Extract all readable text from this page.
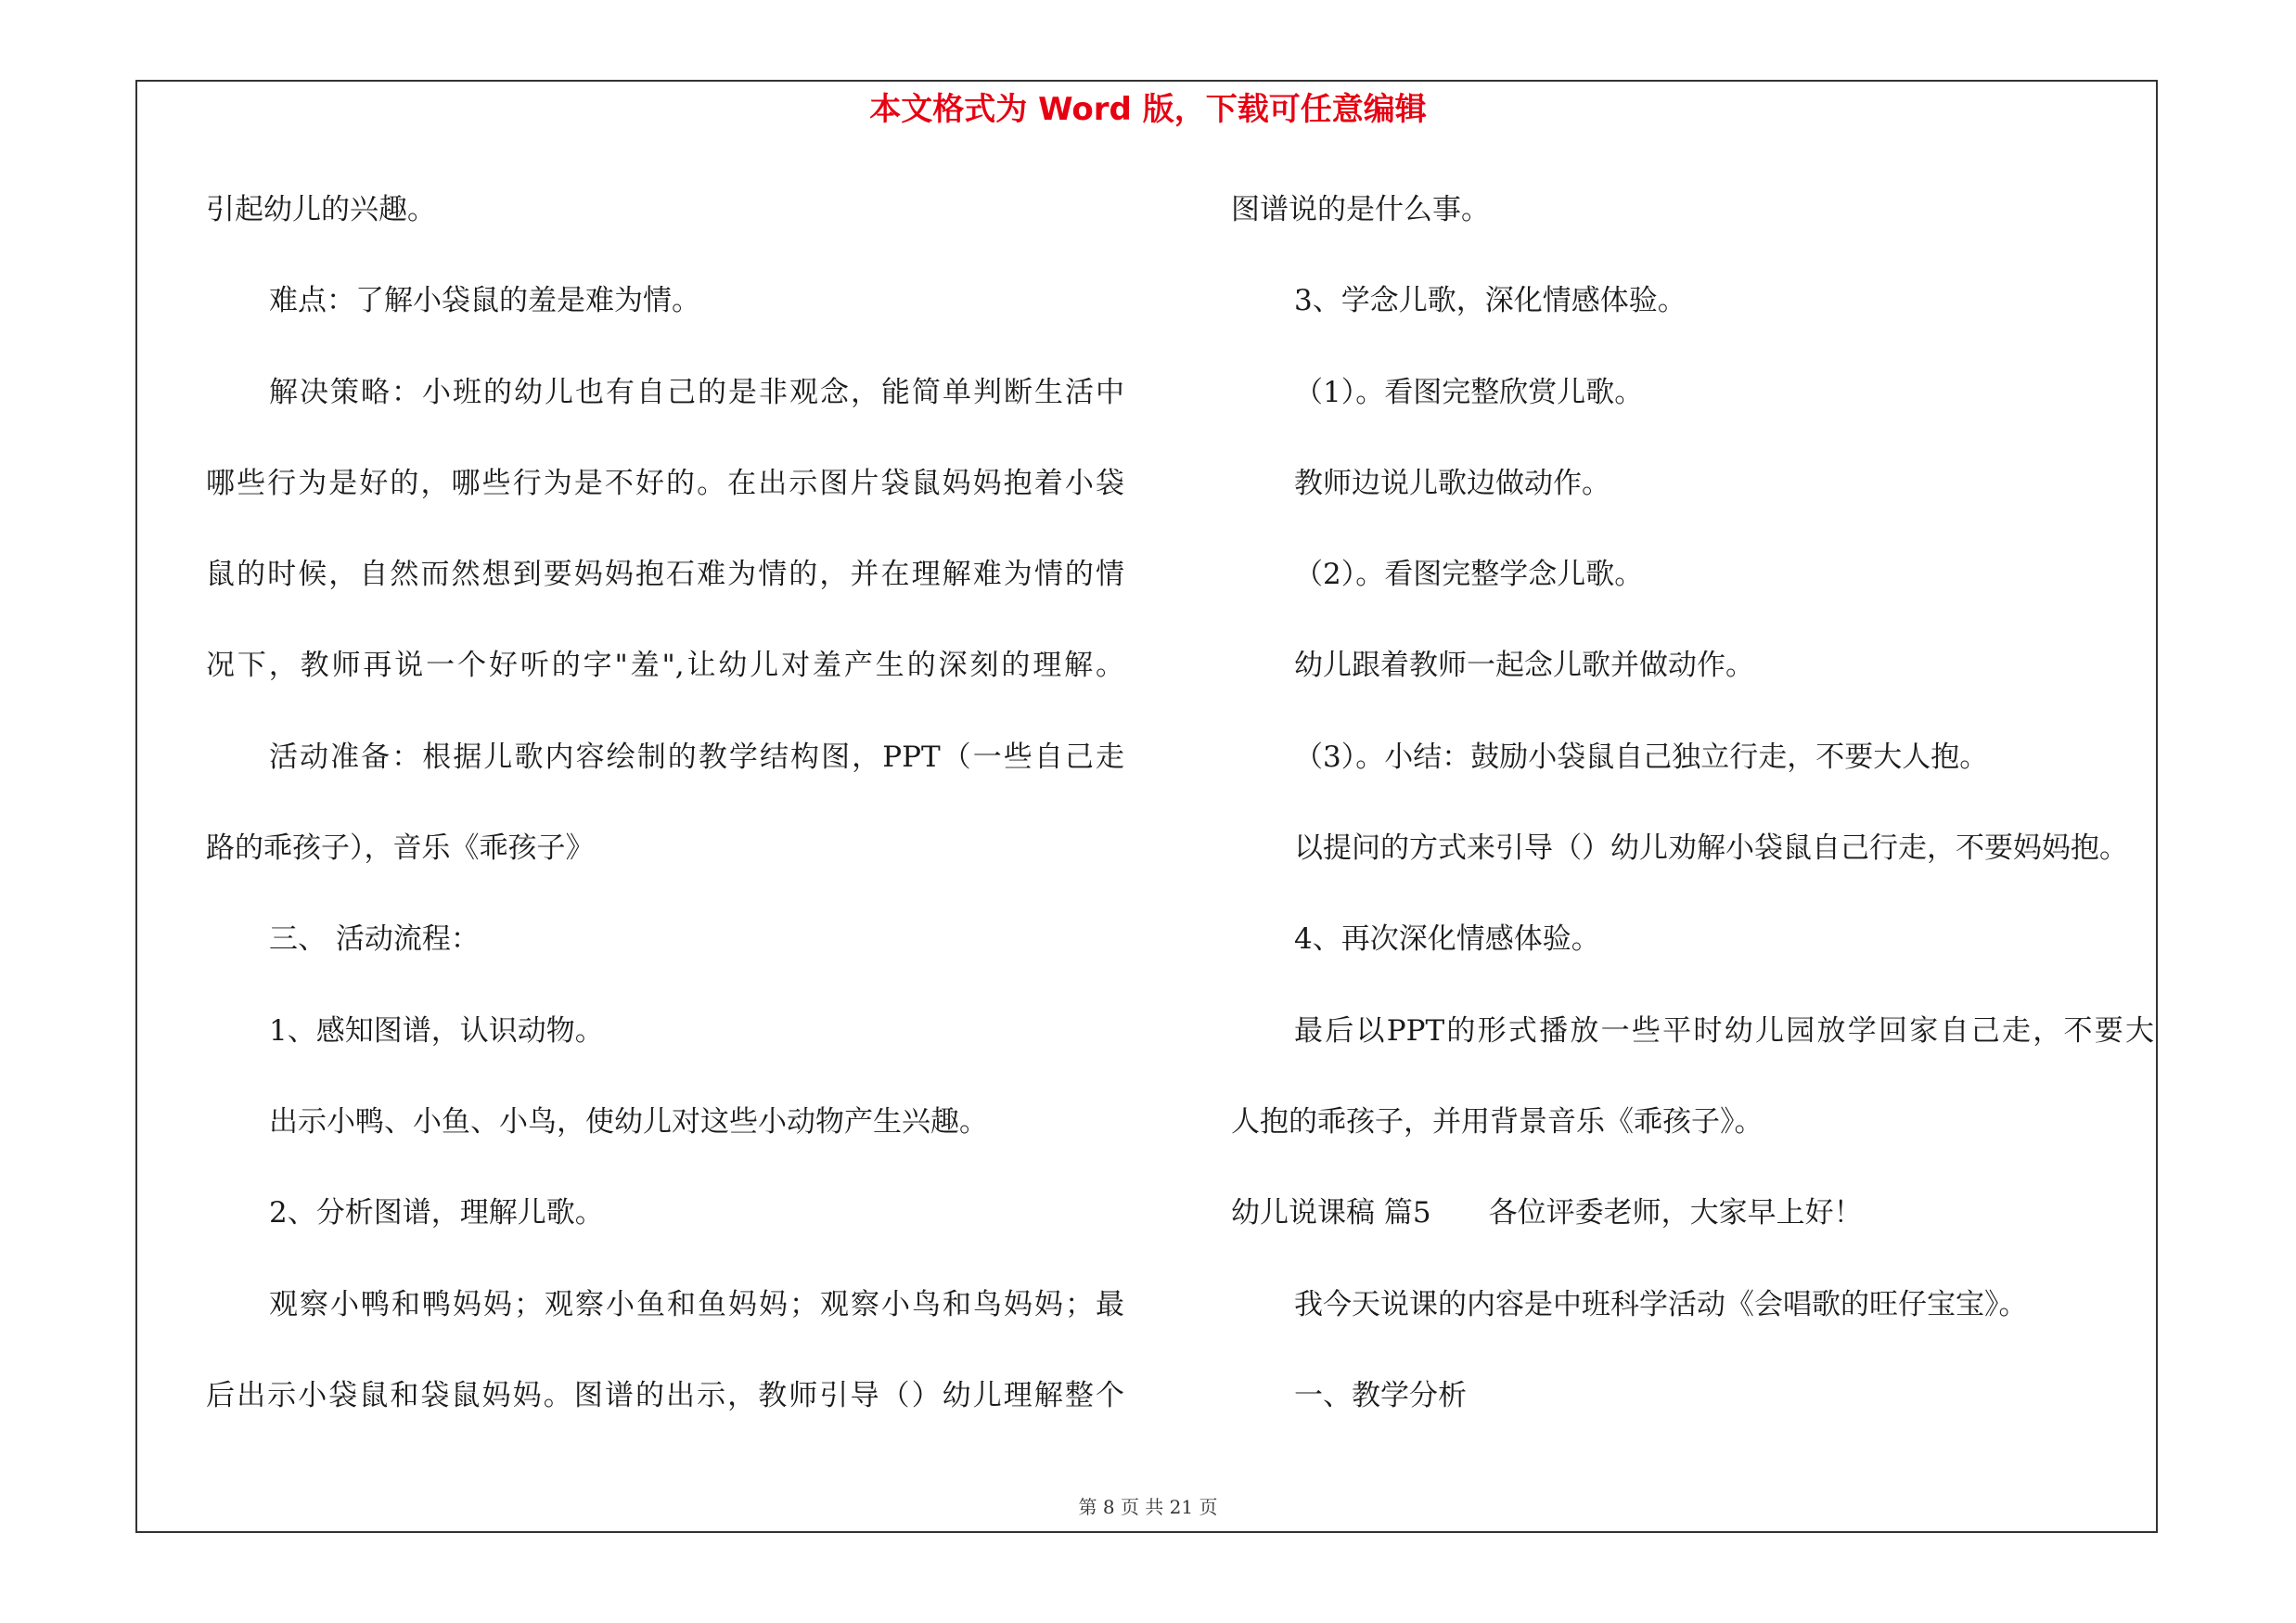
本文格式为 Word 版，下载可任意编辑
引起幼儿的兴趣。
难点：了解小袋鼠的羞是难为情。
解决策略：小班的幼儿也有自己的是非观念，能简单判断生活中
哪些行为是好的，哪些行为是不好的。在出示图片袋鼠妈妈抱着小袋
鼠的时候，自然而然想到要妈妈抱石难为情的，并在理解难为情的情
况下，教师再说一个好听的字"羞",让幼儿对羞产生的深刻的理解。
活动准备：根据儿歌内容绘制的教学结构图，PPT（一些自己走
路的乖孩子），音乐《乖孩子》
三、 活动流程：
1、感知图谱，认识动物。
出示小鸭、小鱼、小鸟，使幼儿对这些小动物产生兴趣。
2、分析图谱，理解儿歌。
观察小鸭和鸭妈妈；观察小鱼和鱼妈妈；观察小鸟和鸟妈妈；最
后出示小袋鼠和袋鼠妈妈。图谱的出示，教师引导（）幼儿理解整个
图谱说的是什么事。
3、学念儿歌，深化情感体验。
（1）。看图完整欣赏儿歌。
教师边说儿歌边做动作。
（2）。看图完整学念儿歌。
幼儿跟着教师一起念儿歌并做动作。
（3）。小结：鼓励小袋鼠自己独立行走，不要大人抱。
以提问的方式来引导（）幼儿劝解小袋鼠自己行走，不要妈妈抱。
4、再次深化情感体验。
最后以PPT的形式播放一些平时幼儿园放学回家自己走，不要大
人抱的乖孩子，并用背景音乐《乖孩子》。
幼儿说课稿 篇5 各位评委老师，大家早上好！
我今天说课的内容是中班科学活动《会唱歌的旺仔宝宝》。
一、教学分析
第 8 页 共 21 页
